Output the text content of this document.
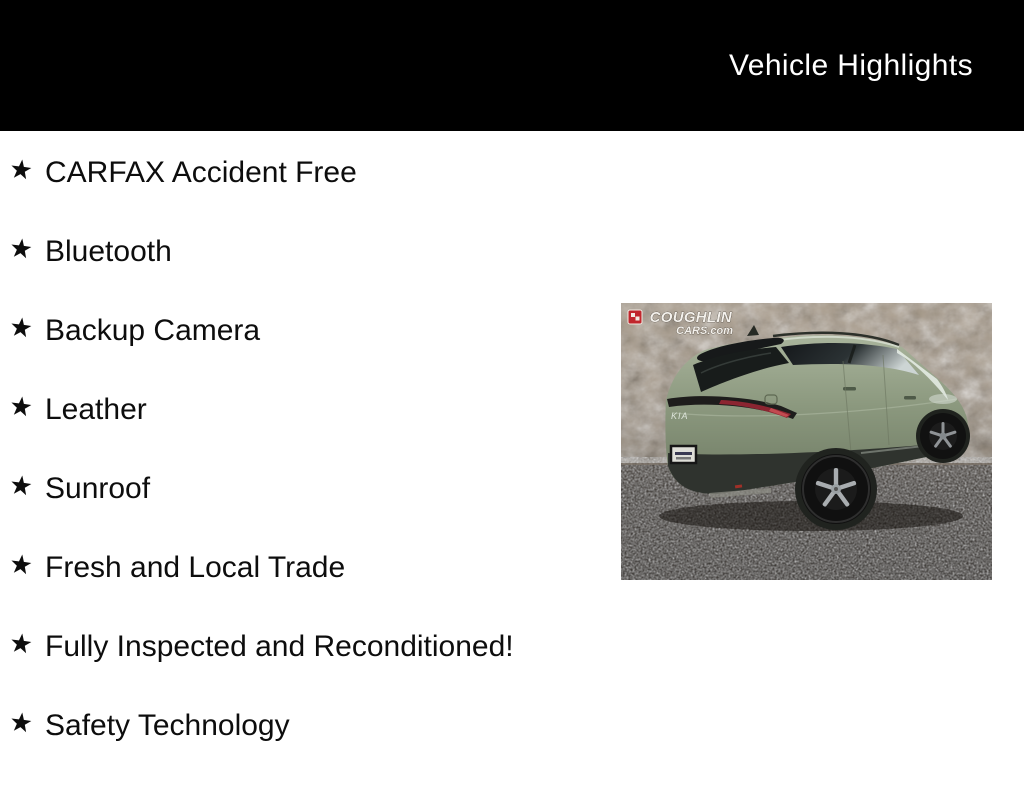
Vehicle Highlights
CARFAX Accident Free
Bluetooth
Backup Camera
Leather
Sunroof
Fresh and Local Trade
Fully Inspected and Reconditioned!
Safety Technology
KIA
COUGHLIN
CARS.com
